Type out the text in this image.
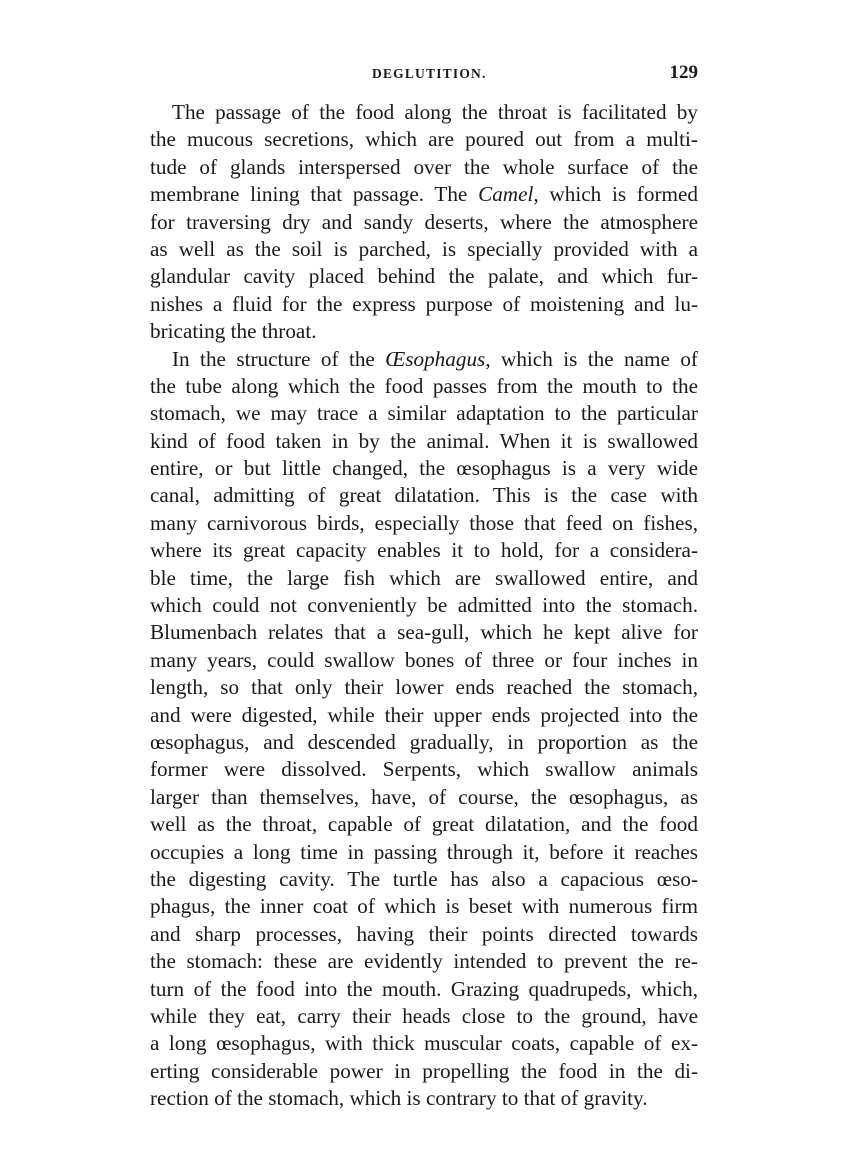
DEGLUTITION.	129
The passage of the food along the throat is facilitated by
the mucous secretions, which are poured out from a multi-
tude of glands interspersed over the whole surface of the
membrane lining that passage. The Camel, which is formed
for traversing dry and sandy deserts, where the atmosphere
as well as the soil is parched, is specially provided with a
glandular cavity placed behind the palate, and which fur-
nishes a fluid for the express purpose of moistening and lu-
bricating the throat.
In the structure of the Œsophagus, which is the name of
the tube along which the food passes from the mouth to the
stomach, we may trace a similar adaptation to the particular
kind of food taken in by the animal. When it is swallowed
entire, or but little changed, the œsophagus is a very wide
canal, admitting of great dilatation. This is the case with
many carnivorous birds, especially those that feed on fishes,
where its great capacity enables it to hold, for a considera-
ble time, the large fish which are swallowed entire, and
which could not conveniently be admitted into the stomach.
Blumenbach relates that a sea-gull, which he kept alive for
many years, could swallow bones of three or four inches in
length, so that only their lower ends reached the stomach,
and were digested, while their upper ends projected into the
œsophagus, and descended gradually, in proportion as the
former were dissolved. Serpents, which swallow animals
larger than themselves, have, of course, the œsophagus, as
well as the throat, capable of great dilatation, and the food
occupies a long time in passing through it, before it reaches
the digesting cavity. The turtle has also a capacious œso-
phagus, the inner coat of which is beset with numerous firm
and sharp processes, having their points directed towards
the stomach: these are evidently intended to prevent the re-
turn of the food into the mouth. Grazing quadrupeds, which,
while they eat, carry their heads close to the ground, have
a long œsophagus, with thick muscular coats, capable of ex-
erting considerable power in propelling the food in the di-
rection of the stomach, which is contrary to that of gravity.
